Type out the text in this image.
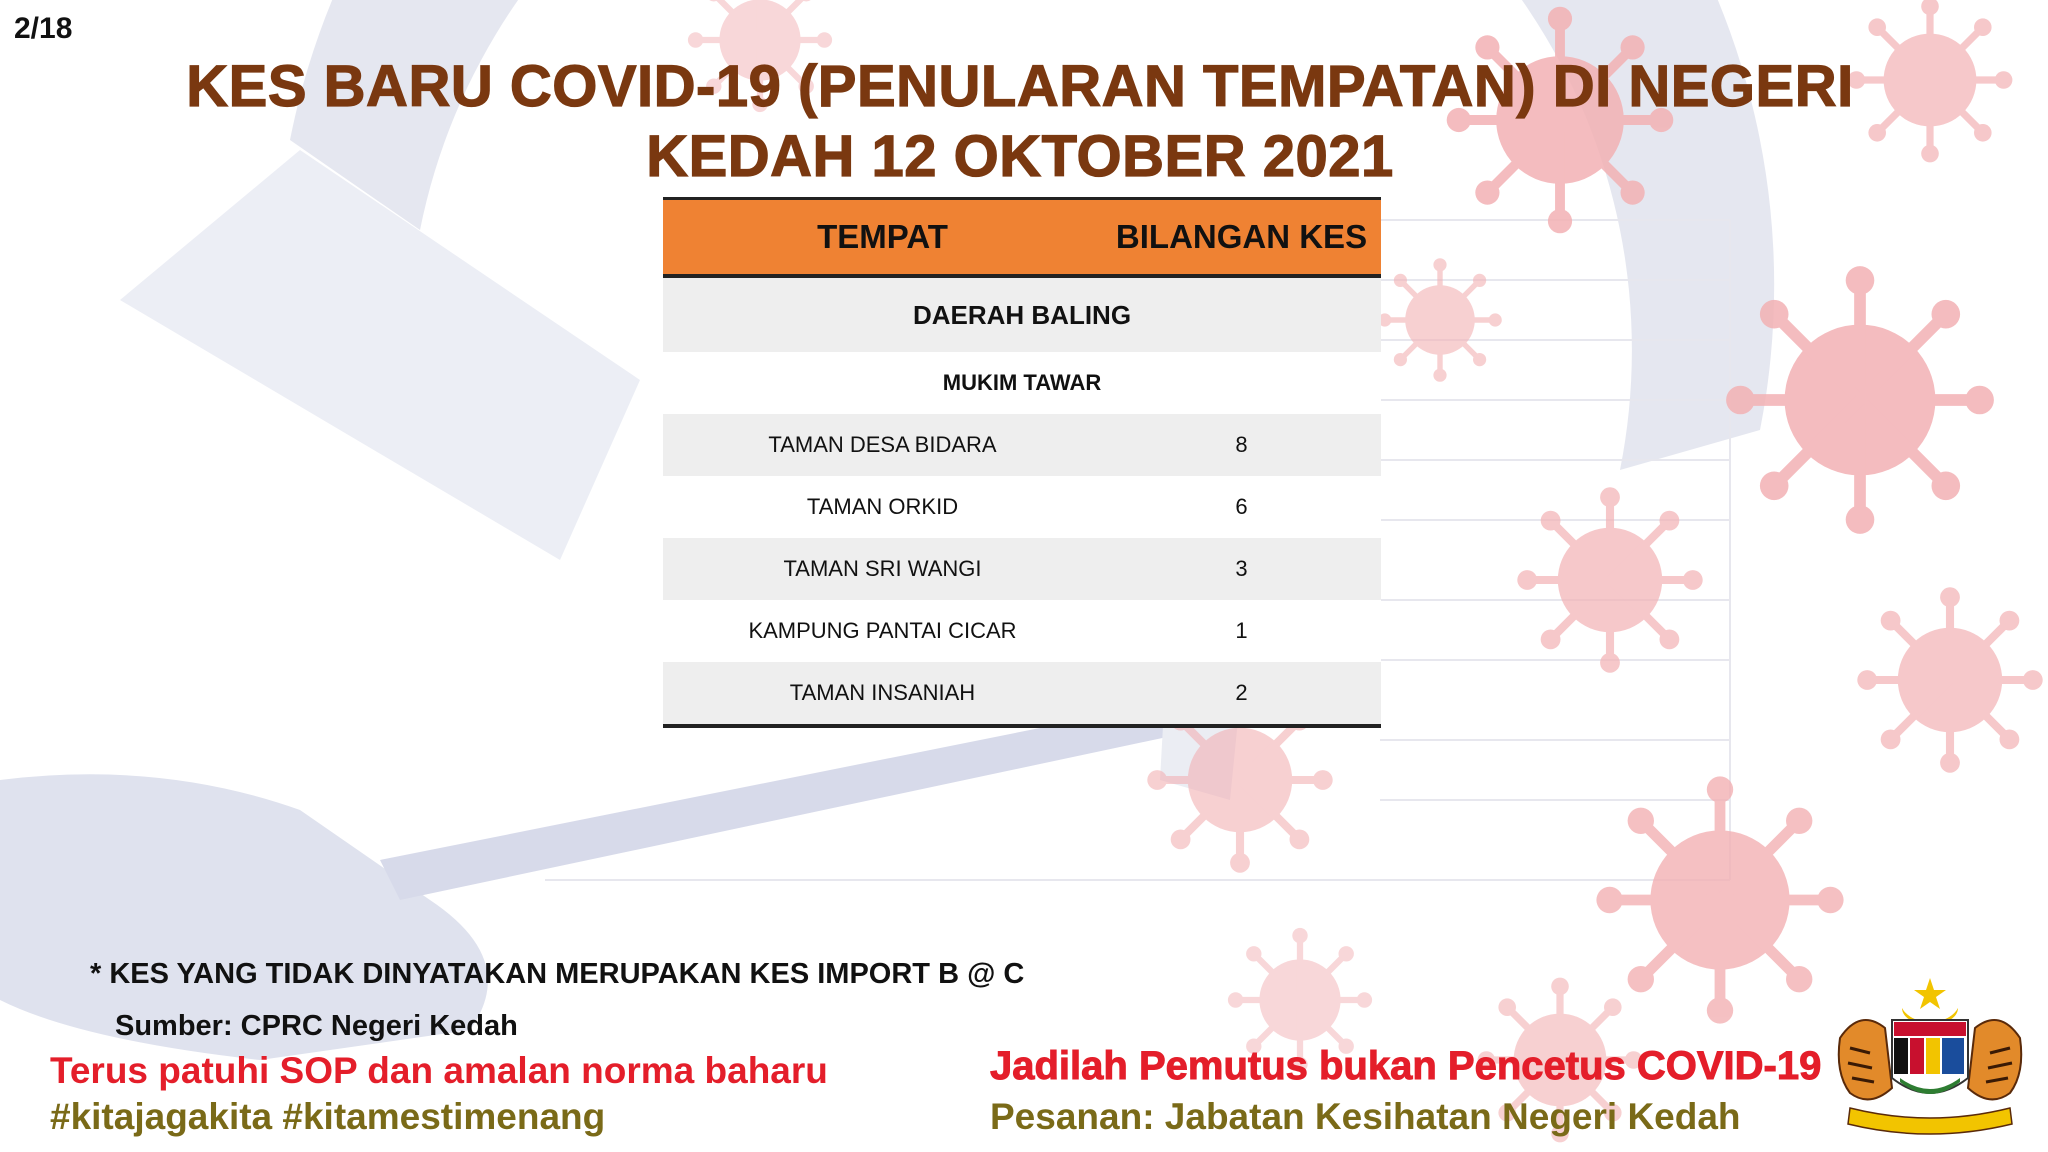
2/18
KES BARU COVID-19 (PENULARAN TEMPATAN) DI NEGERI
KEDAH 12 OKTOBER 2021
TEMPAT	BILANGAN KES
DAERAH BALING	
MUKIM TAWAR	
TAMAN DESA BIDARA	8
TAMAN ORKID	6
TAMAN SRI WANGI	3
KAMPUNG PANTAI CICAR	1
TAMAN INSANIAH	2
* KES YANG TIDAK DINYATAKAN MERUPAKAN KES IMPORT B @ C
Sumber: CPRC Negeri Kedah
Terus patuhi SOP dan amalan norma baharu
#kitajagakita #kitamestimenang
Jadilah Pemutus bukan Pencetus COVID-19
Pesanan: Jabatan Kesihatan Negeri Kedah
